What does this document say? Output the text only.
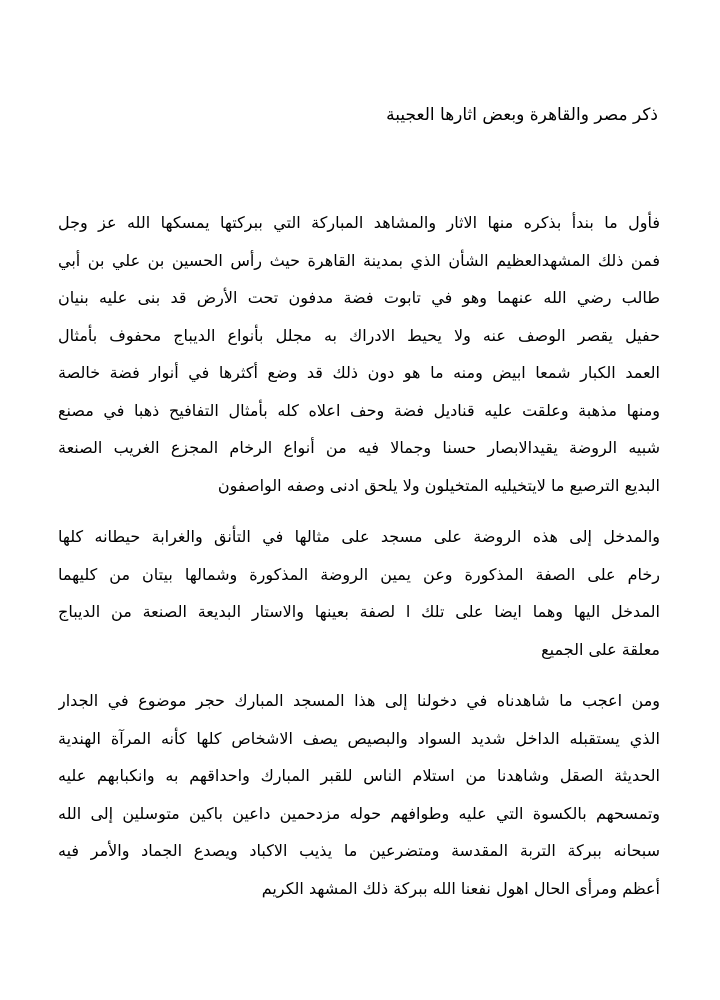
ذكر مصر والقاهرة وبعض اثارها العجيبة
فأول ما بندأ بذكره منها الاثار والمشاهد المباركة التي ببركتها يمسكها الله عز وجل
فمن ذلك المشهدالعظيم الشأن الذي بمدينة القاهرة حيث رأس الحسين بن علي بن أبي
طالب رضي الله عنهما وهو في تابوت فضة مدفون تحت الأرض قد بنى عليه بنيان
حفيل يقصر الوصف عنه ولا يحيط الادراك به مجلل بأنواع الديباج محفوف بأمثال
العمد الكبار شمعا ابيض ومنه ما هو دون ذلك قد وضع أكثرها في أنوار فضة خالصة
ومنها مذهبة وعلقت عليه قناديل فضة وحف اعلاه كله بأمثال التفافيح ذهبا في مصنع
شبيه الروضة يقيدالابصار حسنا وجمالا فيه من أنواع الرخام المجزع الغريب الصنعة
البديع الترصيع ما لايتخيليه المتخيلون ولا يلحق ادنى وصفه الواصفون
والمدخل إلى هذه الروضة على مسجد على مثالها في التأنق والغرابة حيطانه كلها
رخام على الصفة المذكورة وعن يمين الروضة المذكورة وشمالها بيتان من كليهما
المدخل اليها وهما ايضا على تلك ا لصفة بعينها والاستار البديعة الصنعة من الديباج
معلقة على الجميع
ومن اعجب ما شاهدناه في دخولنا إلى هذا المسجد المبارك حجر موضوع في الجدار
الذي يستقبله الداخل شديد السواد والبصيص يصف الاشخاص كلها كأنه المرآة الهندية
الحديثة الصقل وشاهدنا من استلام الناس للقبر المبارك واحداقهم به وانكبابهم عليه
وتمسحهم بالكسوة التي عليه وطوافهم حوله مزدحمين داعين باكين متوسلين إلى الله
سبحانه ببركة التربة المقدسة ومتضرعين ما يذيب الاكباد ويصدع الجماد والأمر فيه
أعظم ومرأى الحال اهول نفعنا الله ببركة ذلك المشهد الكريم
